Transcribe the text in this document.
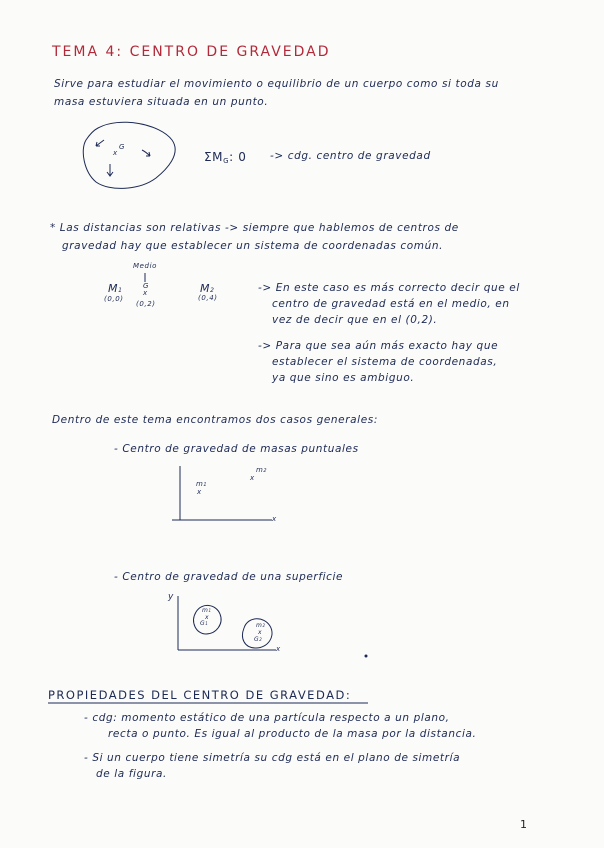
TEMA 4: CENTRO DE GRAVEDAD
Sirve para estudiar el movimiento o equilibrio de un cuerpo como si toda su
masa estuviera situada en un punto.
x
G
ΣMG: 0 -> cdg. centro de gravedad
* Las distancias son relativas -> siempre que hablemos de centros de
gravedad hay que establecer un sistema de coordenadas común.
Medio
M1
(0,0)
G
x
(0,2)
M2
(0,4)
-> En este caso es más correcto decir que el
centro de gravedad está en el medio, en
vez de decir que en el (0,2).
-> Para que sea aún más exacto hay que
establecer el sistema de coordenadas,
ya que sino es ambiguo.
Dentro de este tema encontramos dos casos generales:
- Centro de gravedad de masas puntuales
m1
x
x
m2
x
- Centro de gravedad de una superficie
y
m1
G1
x
m2
x
G2
x
PROPIEDADES DEL CENTRO DE GRAVEDAD:
- cdg: momento estático de una partícula respecto a un plano,
recta o punto. Es igual al producto de la masa por la distancia.
- Si un cuerpo tiene simetría su cdg está en el plano de simetría
de la figura.
1
